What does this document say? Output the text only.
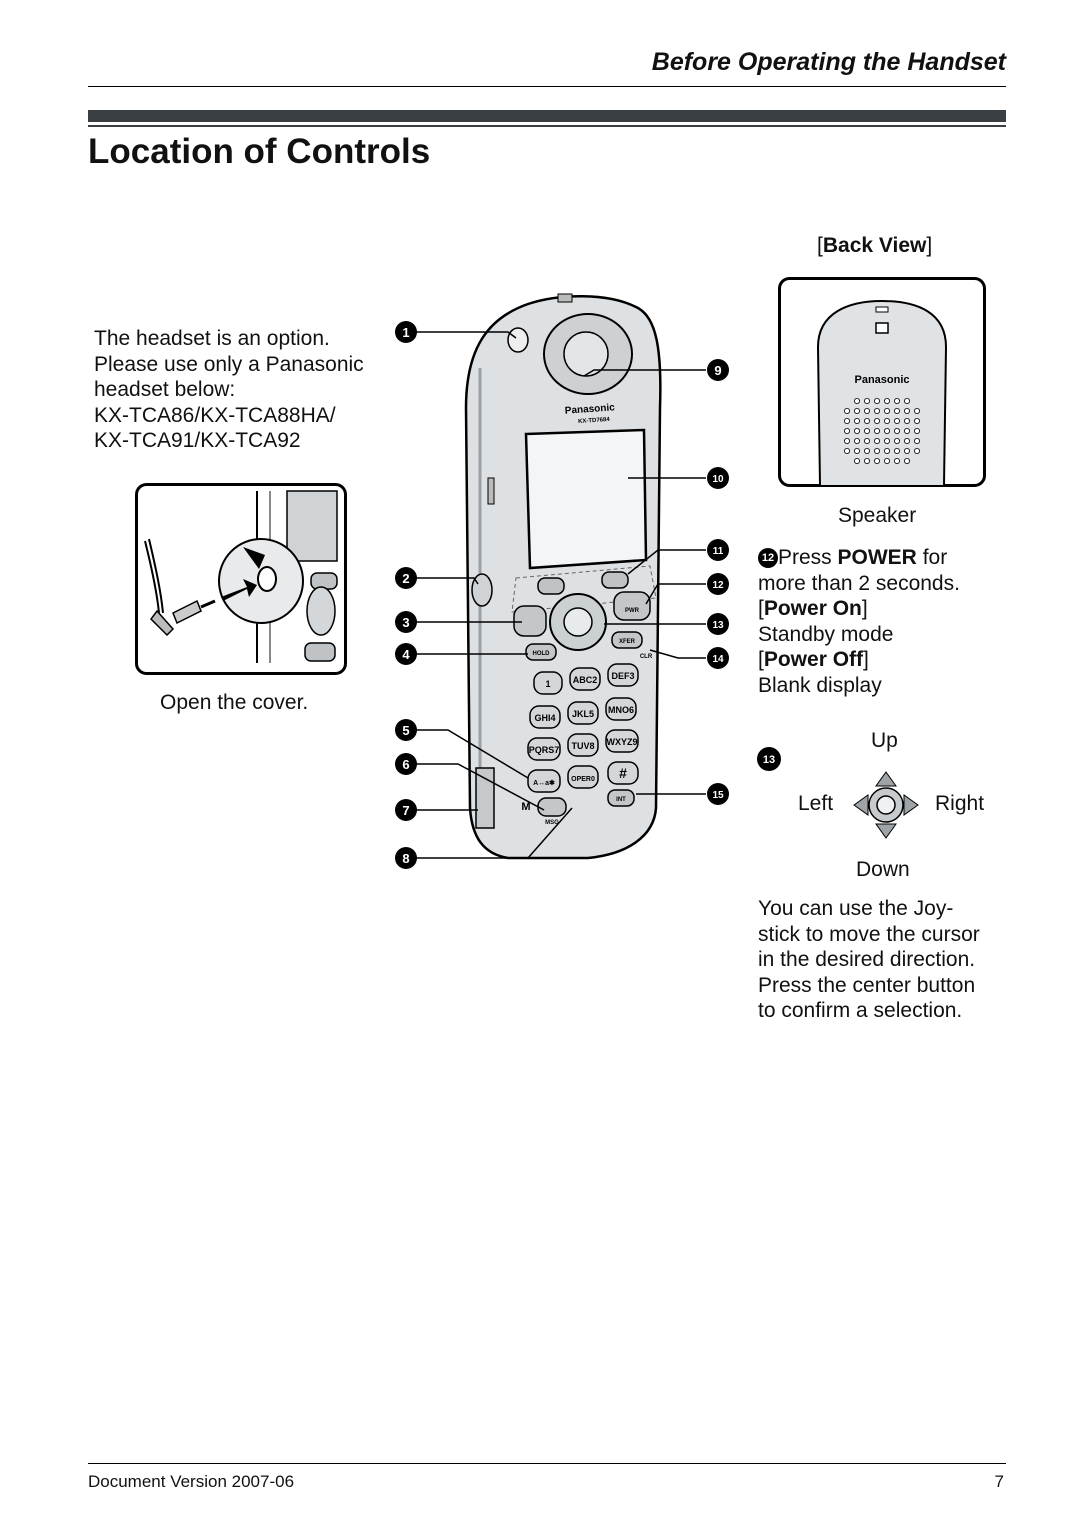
Before Operating the Handset
Location of Controls
The headset is an option.
Please use only a Panasonic
headset below:
KX-TCA86/KX-TCA88HA/
KX-TCA91/KX-TCA92
Open the cover.
Panasonic
KX-TD7684
PWR
HOLD
XFER
CLR
1 ABC2 DEF3
GHI4 JKL5 MNO6
PQRS7 TUV8 WXYZ9
A↔a✱
OPER0 #
MSG
M
INT
1
2
3
4
5
6
7
8
9
10
11
12
13
14
15
[Back View]
Panasonic
Speaker
12 Press POWER for
more than 2 seconds.
[Power On]
Standby mode
[Power Off]
Blank display
13
Up
Left	Right
Down
You can use the Joy-
stick to move the cursor
in the desired direction.
Press the center button
to confirm a selection.
Document Version 2007-06	7
